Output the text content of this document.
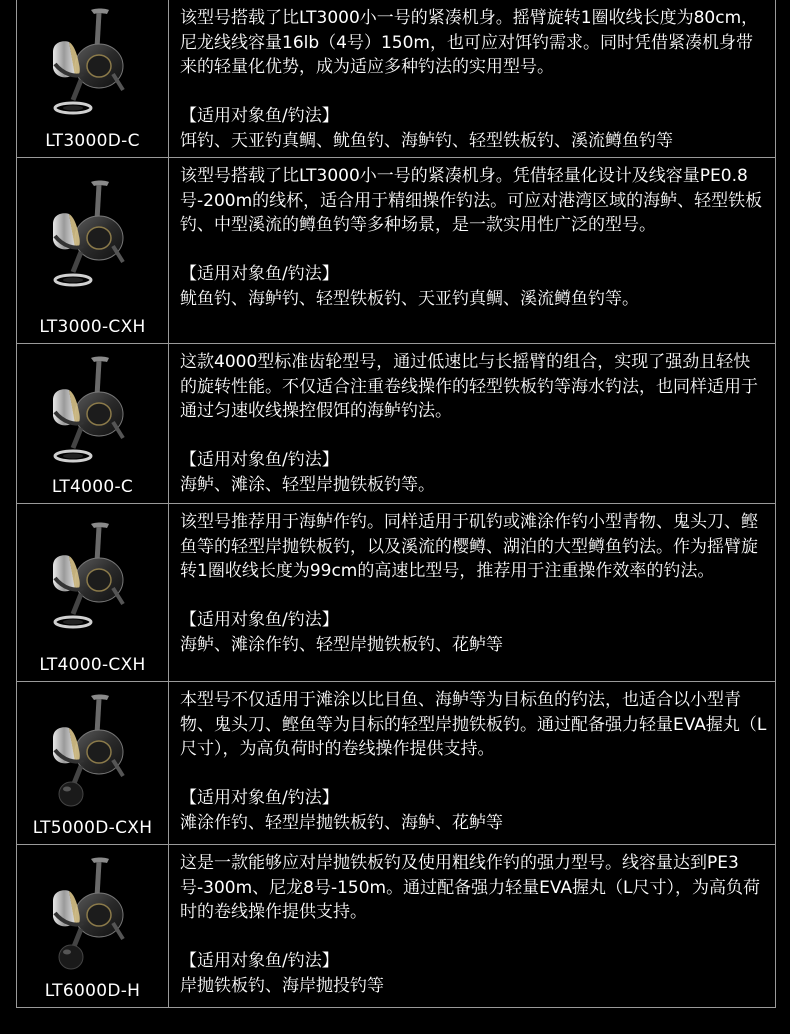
LT3000D-C

该型号搭载了比LT3000小一号的紧凑机身。摇臂旋转1圈收线长度为80cm，尼龙线线容量16lb（4号）150m，也可应对饵钓需求。同时凭借紧凑机身带来的轻量化优势，成为适应多种钓法的实用型号。

【适用对象鱼/钓法】

饵钓、天亚钓真鲷、鱿鱼钓、海鲈钓、轻型铁板钓、溪流鳟鱼钓等

LT3000-CXH

该型号搭载了比LT3000小一号的紧凑机身。凭借轻量化设计及线容量PE0.8号-200m的线杯，适合用于精细操作钓法。可应对港湾区域的海鲈、轻型铁板钓、中型溪流的鳟鱼钓等多种场景，是一款实用性广泛的型号。

【适用对象鱼/钓法】

鱿鱼钓、海鲈钓、轻型铁板钓、天亚钓真鲷、溪流鳟鱼钓等。

LT4000-C

这款4000型标准齿轮型号，通过低速比与长摇臂的组合，实现了强劲且轻快的旋转性能。不仅适合注重卷线操作的轻型铁板钓等海水钓法，也同样适用于通过匀速收线操控假饵的海鲈钓法。

【适用对象鱼/钓法】

海鲈、滩涂、轻型岸抛铁板钓等。

LT4000-CXH

该型号推荐用于海鲈作钓。同样适用于矶钓或滩涂作钓小型青物、鬼头刀、鲣鱼等的轻型岸抛铁板钓，以及溪流的樱鳟、湖泊的大型鳟鱼钓法。作为摇臂旋转1圈收线长度为99cm的高速比型号，推荐用于注重操作效率的钓法。

【适用对象鱼/钓法】

海鲈、滩涂作钓、轻型岸抛铁板钓、花鲈等

LT5000D-CXH

本型号不仅适用于滩涂以比目鱼、海鲈等为目标鱼的钓法，也适合以小型青物、鬼头刀、鲣鱼等为目标的轻型岸抛铁板钓。通过配备强力轻量EVA握丸（L尺寸），为高负荷时的卷线操作提供支持。

【适用对象鱼/钓法】

滩涂作钓、轻型岸抛铁板钓、海鲈、花鲈等

LT6000D-H

这是一款能够应对岸抛铁板钓及使用粗线作钓的强力型号。线容量达到PE3号-300m、尼龙8号-150m。通过配备强力轻量EVA握丸（L尺寸），为高负荷时的卷线操作提供支持。

【适用对象鱼/钓法】

岸抛铁板钓、海岸抛投钓等
